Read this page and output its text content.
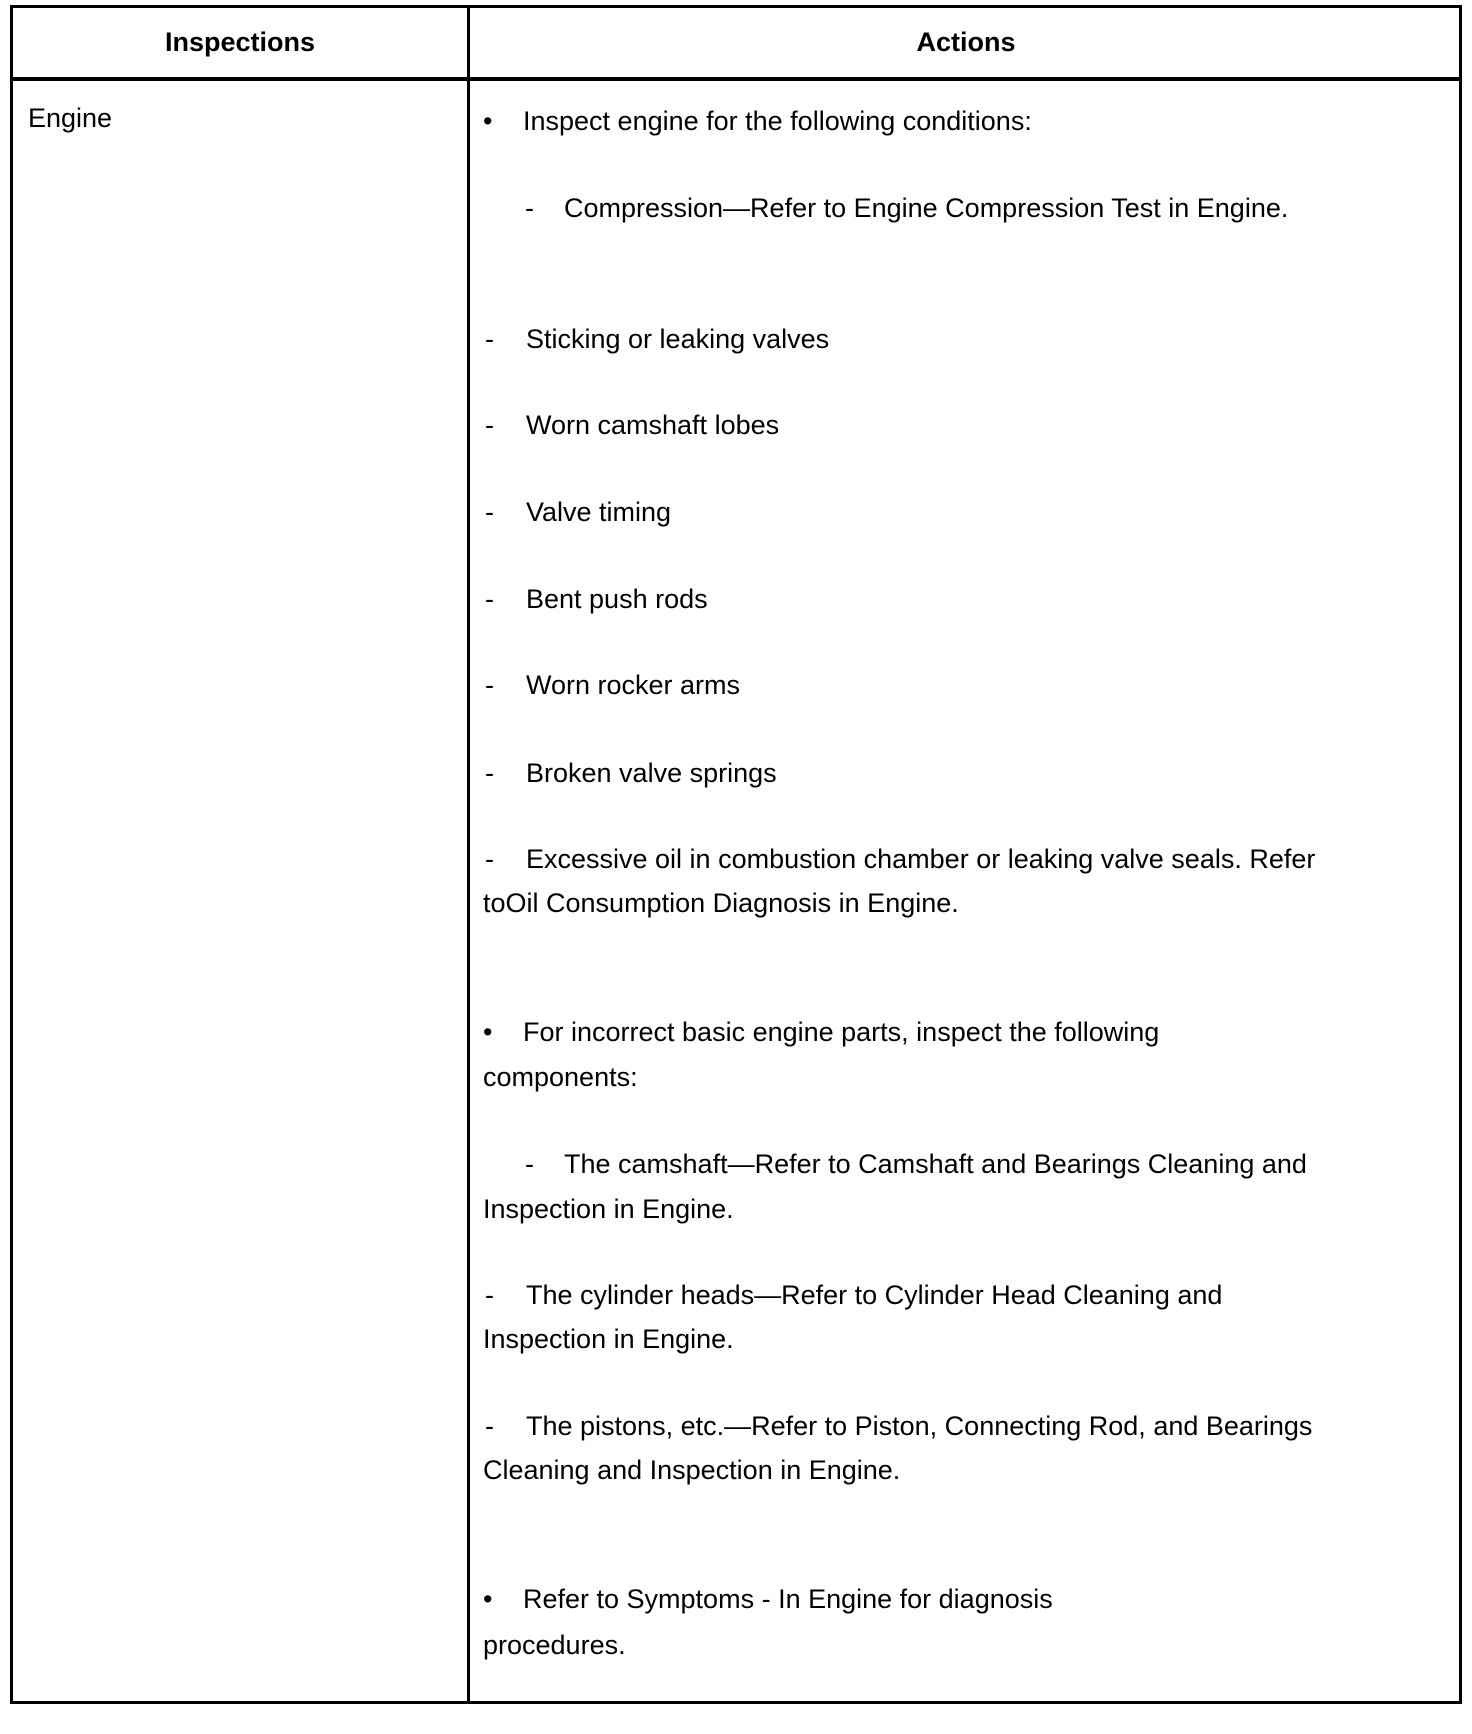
Inspections	Actions
Engine	• Inspect engine for the following conditions:
- Compression—Refer to Engine Compression Test in Engine.
- Sticking or leaking valves
- Worn camshaft lobes
- Valve timing
- Bent push rods
- Worn rocker arms
- Broken valve springs
- Excessive oil in combustion chamber or leaking valve seals. Refer
toOil Consumption Diagnosis in Engine.
• For incorrect basic engine parts, inspect the following
components:
- The camshaft—Refer to Camshaft and Bearings Cleaning and
Inspection in Engine.
- The cylinder heads—Refer to Cylinder Head Cleaning and
Inspection in Engine.
- The pistons, etc.—Refer to Piston, Connecting Rod, and Bearings
Cleaning and Inspection in Engine.
• Refer to Symptoms - In Engine for diagnosis
procedures.
